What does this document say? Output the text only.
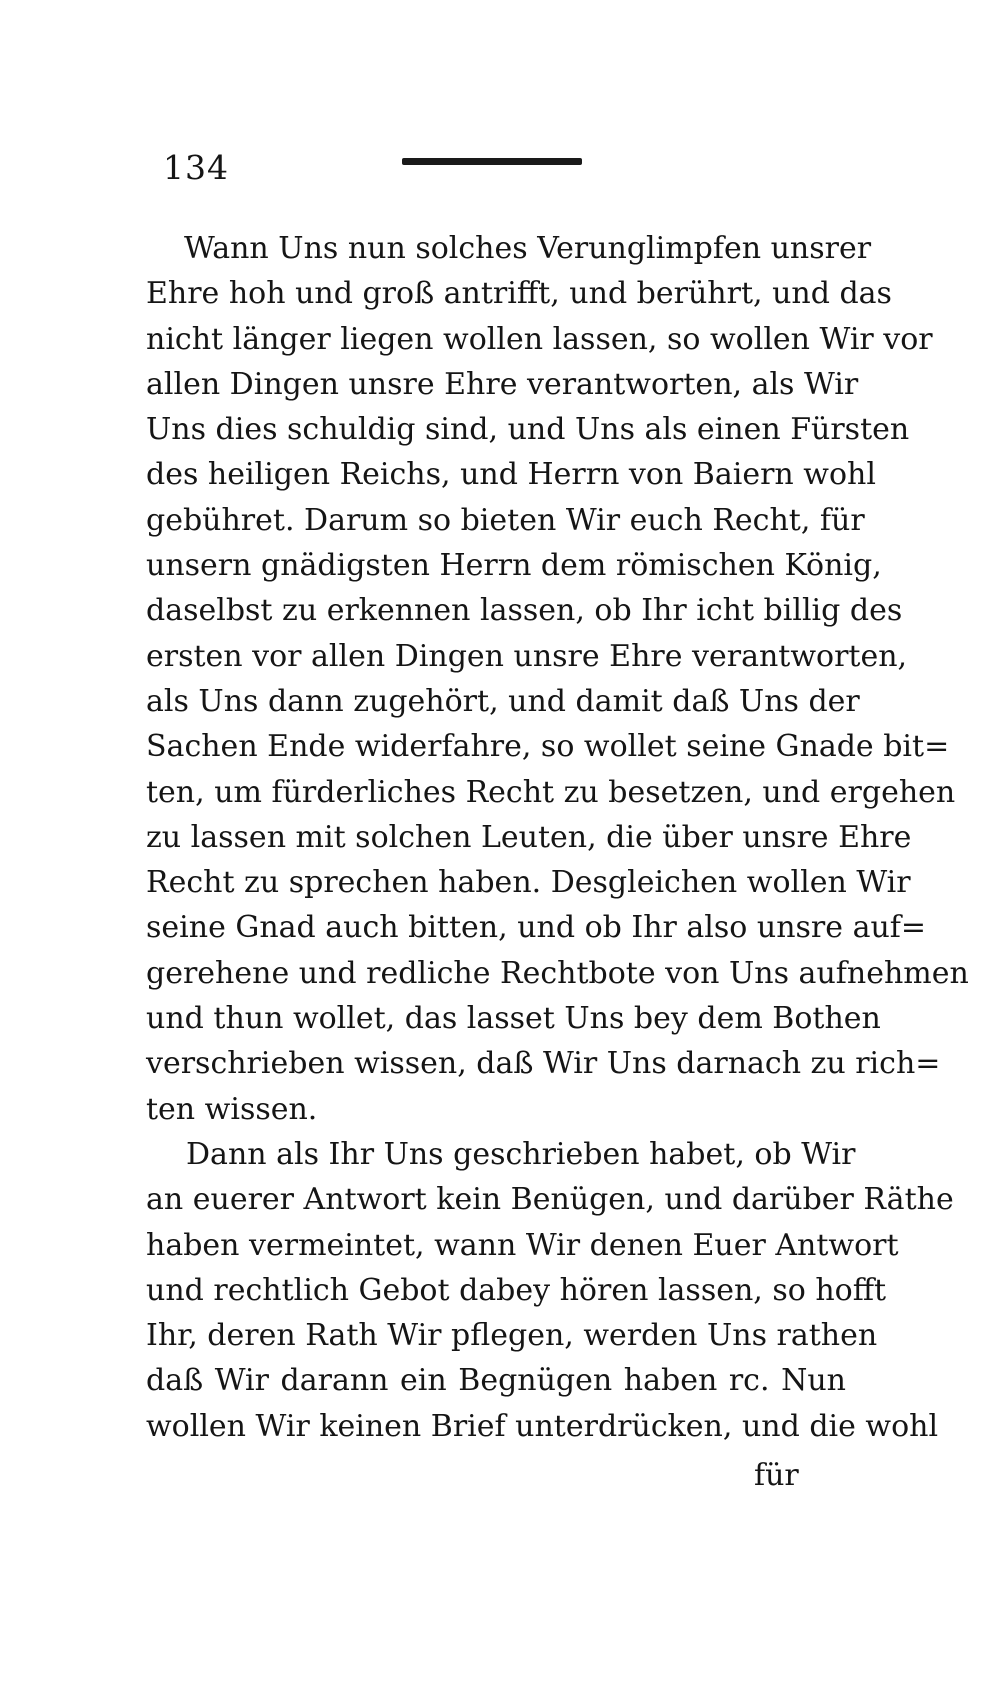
134
Wann Uns nun solches Verunglimpfen unsrer
Ehre hoh und groß antrifft, und berührt, und das
nicht länger liegen wollen lassen, so wollen Wir vor
allen Dingen unsre Ehre verantworten, als Wir
Uns dies schuldig sind, und Uns als einen Fürsten
des heiligen Reichs, und Herrn von Baiern wohl
gebühret. Darum so bieten Wir euch Recht, für
unsern gnädigsten Herrn dem römischen König,
daselbst zu erkennen lassen, ob Ihr icht billig des
ersten vor allen Dingen unsre Ehre verantworten,
als Uns dann zugehört, und damit daß Uns der
Sachen Ende widerfahre, so wollet seine Gnade bit=
ten, um fürderliches Recht zu besetzen, und ergehen
zu lassen mit solchen Leuten, die über unsre Ehre
Recht zu sprechen haben. Desgleichen wollen Wir
seine Gnad auch bitten, und ob Ihr also unsre auf=
gerehene und redliche Rechtbote von Uns aufnehmen
und thun wollet, das lasset Uns bey dem Bothen
verschrieben wissen, daß Wir Uns darnach zu rich=
ten wissen.
Dann als Ihr Uns geschrieben habet, ob Wir
an euerer Antwort kein Benügen, und darüber Räthe
haben vermeintet, wann Wir denen Euer Antwort
und rechtlich Gebot dabey hören lassen, so hofft
Ihr, deren Rath Wir pflegen, werden Uns rathen
daß Wir darann ein Begnügen haben rc. Nun
wollen Wir keinen Brief unterdrücken, und die wohl
für
